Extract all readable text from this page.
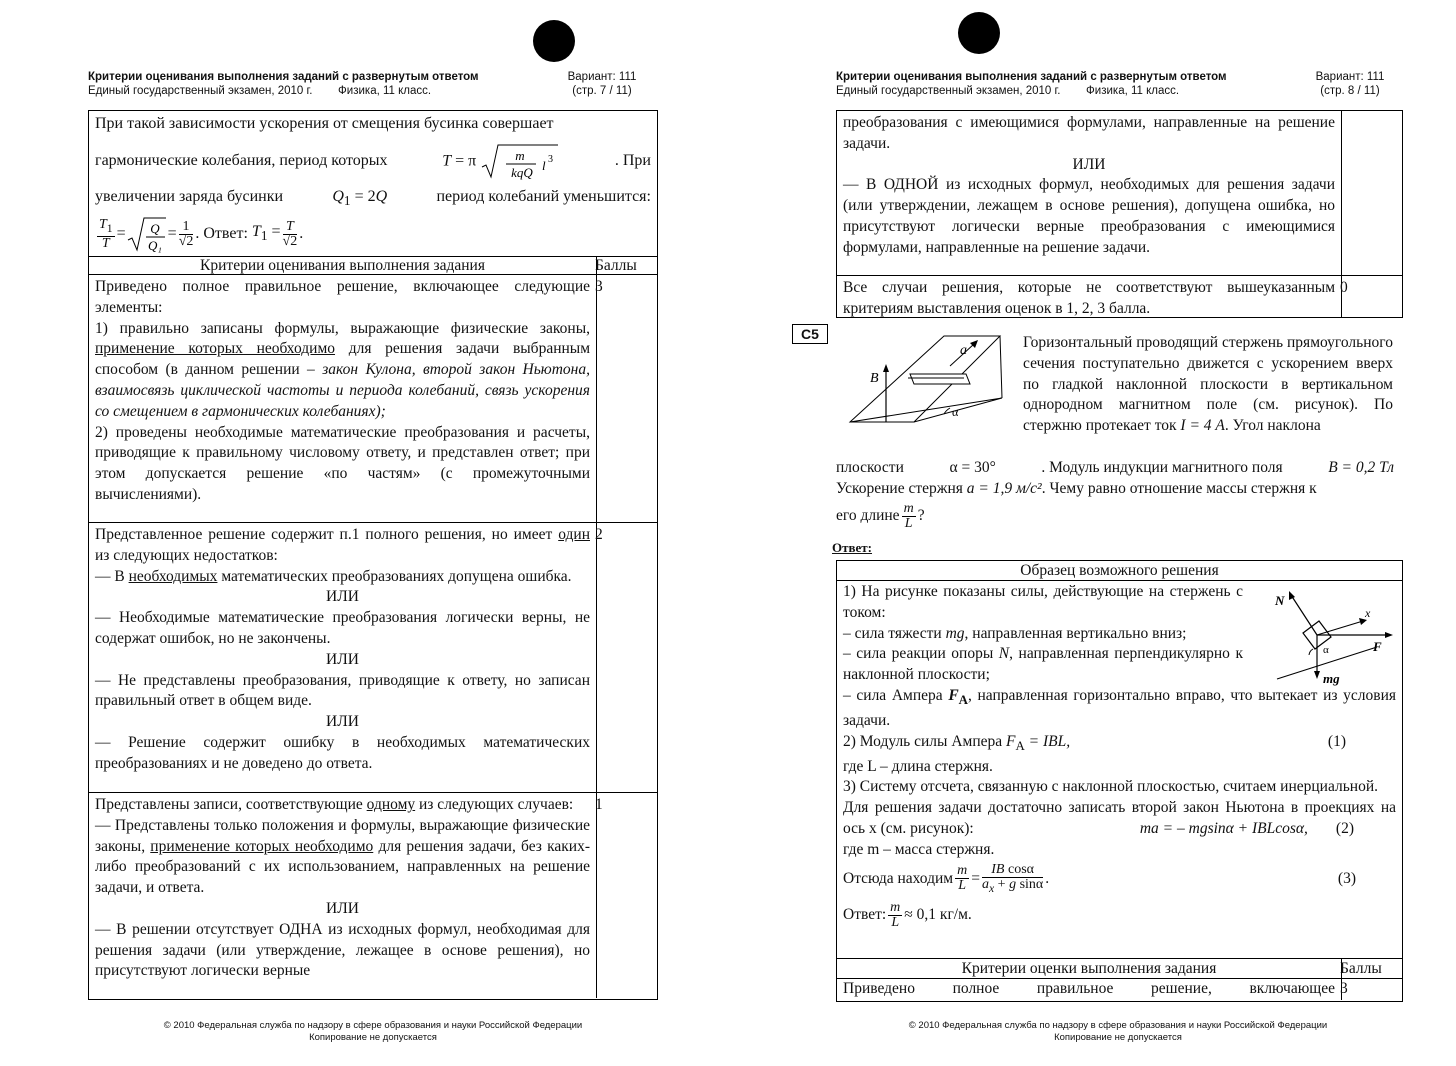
Критерии оценивания выполнения заданий с развернутым ответом
Единый государственный экзамен, 2010 г. Физика, 11 класс.
Вариант: 111
(стр. 7 / 11)
При такой зависимости ускорения от смещения бусинка совершает
гармонические колебания, период которых	T = π	m
kqQ l 3	. При
увеличении заряда бусинки	$Q_1 = 2Q$	период колебаний уменьшится:
$\frac{T_1}{T} = Q$
Q₁
= $\frac{1}{√2}$ . Ответ: $T_1 = \frac{T}{√2}$ .
Критерии оценивания выполнения задания	Баллы
Приведено полное правильное решение, включающее следующие элементы:
1) правильно записаны формулы, выражающие физические законы, применение которых необходимо для решения задачи выбранным способом (в данном решении – закон Кулона, второй закон Ньютона, взаимосвязь циклической частоты и периода колебаний, связь ускорения со смещением в гармонических колебаниях);
2) проведены необходимые математические преобразования и расчеты, приводящие к правильному числовому ответу, и представлен ответ; при этом допускается решение «по частям» (с промежуточными вычислениями).
3
Представленное решение содержит п.1 полного решения, но имеет один из следующих недостатков:
— В необходимых математических преобразованиях допущена ошибка.
ИЛИ
— Необходимые математические преобразования логически верны, не содержат ошибок, но не закончены.
ИЛИ
— Не представлены преобразования, приводящие к ответу, но записан правильный ответ в общем виде.
ИЛИ
— Решение содержит ошибку в необходимых математических преобразованиях и не доведено до ответа.
2
Представлены записи, соответствующие одному из следующих случаев:
— Представлены только положения и формулы, выражающие физические законы, применение которых необходимо для решения задачи, без каких-либо преобразований с их использованием, направленных на решение задачи, и ответа.
ИЛИ
— В решении отсутствует ОДНА из исходных формул, необходимая для решения задачи (или утверждение, лежащее в основе решения), но присутствуют логически верные
1
© 2010 Федеральная служба по надзору в сфере образования и науки Российской Федерации
Копирование не допускается
Критерии оценивания выполнения заданий с развернутым ответом
Единый государственный экзамен, 2010 г. Физика, 11 класс.
Вариант: 111
(стр. 8 / 11)
преобразования с имеющимися формулами, направленные на решение задачи.
ИЛИ
— В ОДНОЙ из исходных формул, необходимых для решения задачи (или утверждении, лежащем в основе решения), допущена ошибка, но присутствуют логически верные преобразования с имеющимися формулами, направленные на решение задачи.
Все случаи решения, которые не соответствуют вышеуказанным критериям выставления оценок в 1, 2, 3 балла.
0
C5
B
a
α
Горизонтальный проводящий стержень прямоугольного сечения поступательно движется с ускорением вверх по гладкой наклонной плоскости в вертикальном однородном магнитном поле (см. рисунок). По стержню протекает ток I = 4 А. Угол наклона
плоскости	α = 30°	. Модуль индукции магнитного поля	B = 0,2 Тл
Ускорение стержня a = 1,9 м/с². Чему равно отношение массы стержня к
его длине $\frac{m}{L}$ ?
Ответ:
Образец возможного решения
N
x
F
mg
α
1) На рисунке показаны силы, действующие на стержень с током:
– сила тяжести mg, направленная вертикально вниз;
– сила реакции опоры N, направленная перпендикулярно к наклонной плоскости;
– сила Ампера $F_A$, направленная горизонтально вправо, что вытекает из условия задачи.
2) Модуль силы Ампера $F_A$ = IBL,	(1)
где L – длина стержня.
3) Систему отсчета, связанную с наклонной плоскостью, считаем инерциальной.
Для решения задачи достаточно записать второй закон Ньютона в проекциях на ось x (см. рисунок):	ma = – mgsinα + IBLcosα, (2)
где m – масса стержня.
Отсюда находим $\frac{m}{L} = \frac{\text{IB cosα}}{a_x + g \sin\alpha}$ .	(3)
Ответ: $\frac{m}{L} \approx 0,1$ кг/м.
Критерии оценки выполнения задания	Баллы
Приведено полное правильное решение, включающее 3
© 2010 Федеральная служба по надзору в сфере образования и науки Российской Федерации
Копирование не допускается
